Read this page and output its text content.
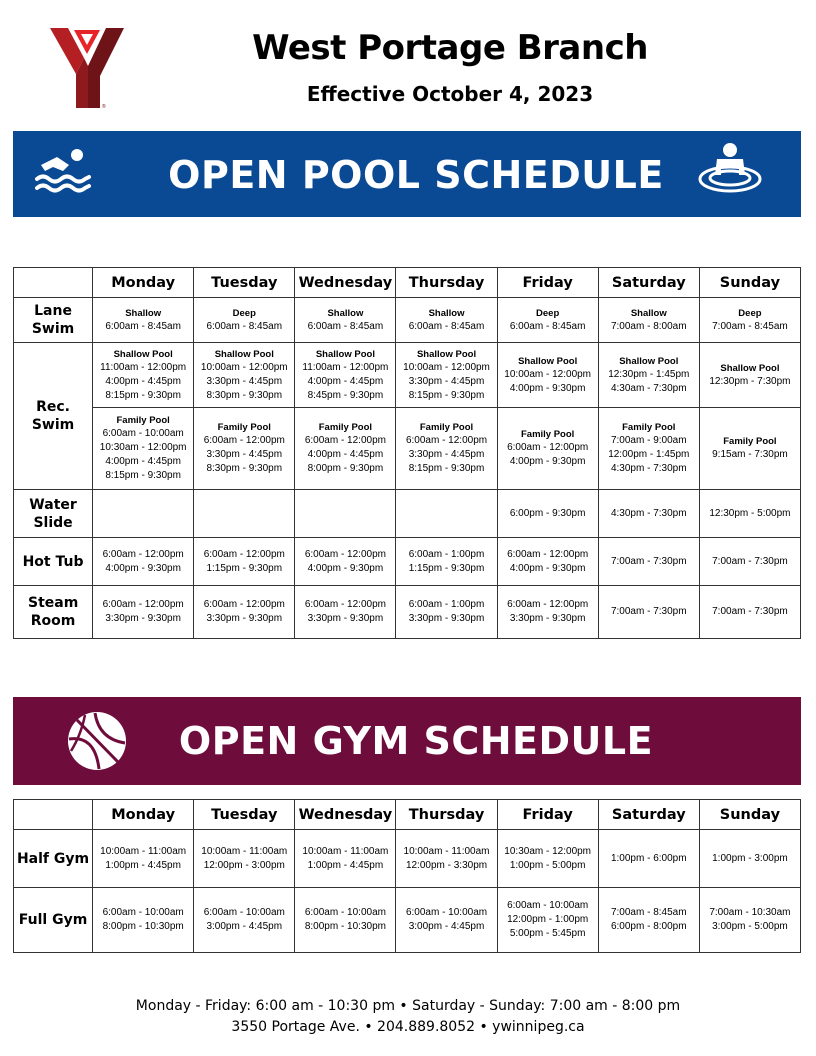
®
West Portage Branch
Effective October 4, 2023
OPEN POOL SCHEDULE
	Monday	Tuesday	Wednesday	Thursday	Friday	Saturday	Sunday
Lane Swim	Shallow
6:00am - 8:45am	Deep
6:00am - 8:45am	Shallow
6:00am - 8:45am	Shallow
6:00am - 8:45am	Deep
6:00am - 8:45am	Shallow
7:00am - 8:00am	Deep
7:00am - 8:45am

Rec. Swim	Shallow Pool
11:00am - 12:00pm
4:00pm - 4:45pm
8:15pm - 9:30pm	Shallow Pool
10:00am - 12:00pm
3:30pm - 4:45pm
8:30pm - 9:30pm	Shallow Pool
11:00am - 12:00pm
4:00pm - 4:45pm
8:45pm - 9:30pm	Shallow Pool
10:00am - 12:00pm
3:30pm - 4:45pm
8:15pm - 9:30pm	Shallow Pool
10:00am - 12:00pm
4:00pm - 9:30pm	Shallow Pool
12:30pm - 1:45pm
4:30am - 7:30pm	Shallow Pool
12:30pm - 7:30pm

	Family Pool
6:00am - 10:00am
10:30am - 12:00pm
4:00pm - 4:45pm
8:15pm - 9:30pm	Family Pool
6:00am - 12:00pm
3:30pm - 4:45pm
8:30pm - 9:30pm	Family Pool
6:00am - 12:00pm
4:00pm - 4:45pm
8:00pm - 9:30pm	Family Pool
6:00am - 12:00pm
3:30pm - 4:45pm
8:15pm - 9:30pm	Family Pool
6:00am - 12:00pm
4:00pm - 9:30pm	Family Pool
7:00am - 9:00am
12:00pm - 1:45pm
4:30pm - 7:30pm	Family Pool
9:15am - 7:30pm

Water Slide					6:00pm - 9:30pm	4:30pm - 7:30pm	12:30pm - 5:00pm

Hot Tub	6:00am - 12:00pm
4:00pm - 9:30pm	6:00am - 12:00pm
1:15pm - 9:30pm	6:00am - 12:00pm
4:00pm - 9:30pm	6:00am - 1:00pm
1:15pm - 9:30pm	6:00am - 12:00pm
4:00pm - 9:30pm	7:00am - 7:30pm	7:00am - 7:30pm

Steam Room	6:00am - 12:00pm
3:30pm - 9:30pm	6:00am - 12:00pm
3:30pm - 9:30pm	6:00am - 12:00pm
3:30pm - 9:30pm	6:00am - 1:00pm
3:30pm - 9:30pm	6:00am - 12:00pm
3:30pm - 9:30pm	7:00am - 7:30pm	7:00am - 7:30pm
OPEN GYM SCHEDULE
	Monday	Tuesday	Wednesday	Thursday	Friday	Saturday	Sunday
Half Gym	10:00am - 11:00am
1:00pm - 4:45pm	10:00am - 11:00am
12:00pm - 3:00pm	10:00am - 11:00am
1:00pm - 4:45pm	10:00am - 11:00am
12:00pm - 3:30pm	10:30am - 12:00pm
1:00pm - 5:00pm	1:00pm - 6:00pm	1:00pm - 3:00pm

Full Gym	6:00am - 10:00am
8:00pm - 10:30pm	6:00am - 10:00am
3:00pm - 4:45pm	6:00am - 10:00am
8:00pm - 10:30pm	6:00am - 10:00am
3:00pm - 4:45pm	6:00am - 10:00am
12:00pm - 1:00pm
5:00pm - 5:45pm	7:00am - 8:45am
6:00pm - 8:00pm	7:00am - 10:30am
3:00pm - 5:00pm
Monday - Friday: 6:00 am - 10:30 pm • Saturday - Sunday: 7:00 am - 8:00 pm
3550 Portage Ave. • 204.889.8052 • ywinnipeg.ca
